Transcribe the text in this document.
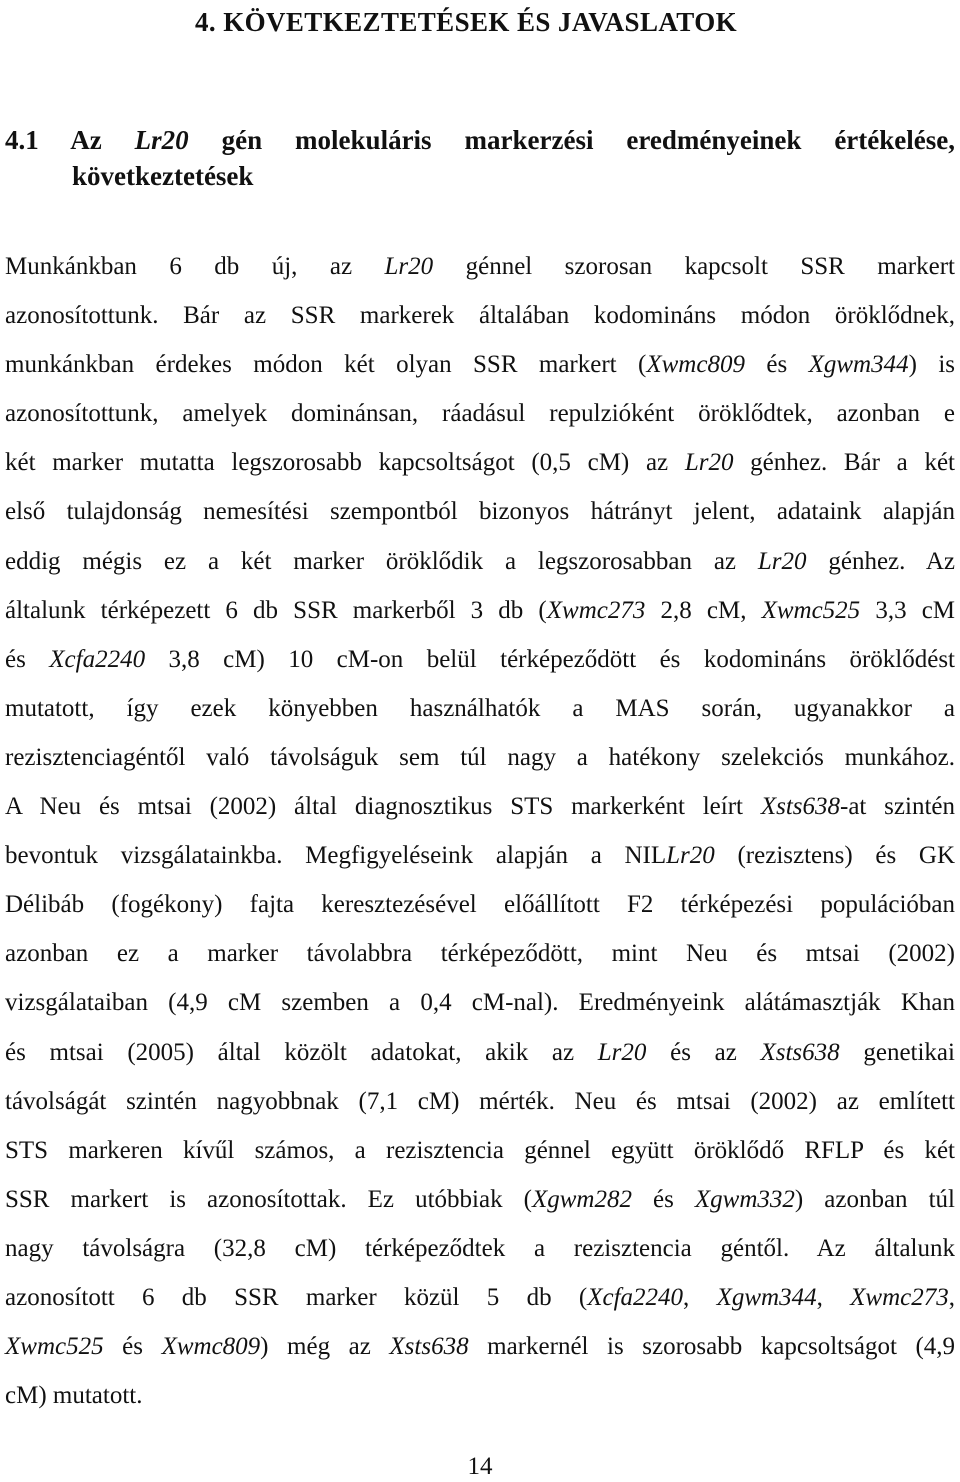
4. KÖVETKEZTETÉSEK ÉS JAVASLATOK
4.1 Az Lr20 gén molekuláris markerzési eredményeinek értékelése,
következtetések
Munkánkban 6 db új, az Lr20 génnel szorosan kapcsolt SSR markert
azonosítottunk. Bár az SSR markerek általában kodomináns módon öröklődnek,
munkánkban érdekes módon két olyan SSR markert (Xwmc809 és Xgwm344) is
azonosítottunk, amelyek dominánsan, ráadásul repulzióként öröklődtek, azonban e
két marker mutatta legszorosabb kapcsoltságot (0,5 cM) az Lr20 génhez. Bár a két
első tulajdonság nemesítési szempontból bizonyos hátrányt jelent, adataink alapján
eddig mégis ez a két marker öröklődik a legszorosabban az Lr20 génhez. Az
általunk térképezett 6 db SSR markerből 3 db (Xwmc273 2,8 cM, Xwmc525 3,3 cM
és Xcfa2240 3,8 cM) 10 cM-on belül térképeződött és kodomináns öröklődést
mutatott, így ezek könyebben használhatók a MAS során, ugyanakkor a
rezisztenciagéntől való távolságuk sem túl nagy a hatékony szelekciós munkához.
A Neu és mtsai (2002) által diagnosztikus STS markerként leírt Xsts638-at szintén
bevontuk vizsgálatainkba. Megfigyeléseink alapján a NILLr20 (rezisztens) és GK
Délibáb (fogékony) fajta keresztezésével előállított F2 térképezési populációban
azonban ez a marker távolabbra térképeződött, mint Neu és mtsai (2002)
vizsgálataiban (4,9 cM szemben a 0,4 cM-nal). Eredményeink alátámasztják Khan
és mtsai (2005) által közölt adatokat, akik az Lr20 és az Xsts638 genetikai
távolságát szintén nagyobbnak (7,1 cM) mérték. Neu és mtsai (2002) az említett
STS markeren kívűl számos, a rezisztencia génnel együtt öröklődő RFLP és két
SSR markert is azonosítottak. Ez utóbbiak (Xgwm282 és Xgwm332) azonban túl
nagy távolságra (32,8 cM) térképeződtek a rezisztencia géntől. Az általunk
azonosított 6 db SSR marker közül 5 db (Xcfa2240, Xgwm344, Xwmc273,
Xwmc525 és Xwmc809) még az Xsts638 markernél is szorosabb kapcsoltságot (4,9
cM) mutatott.
14
